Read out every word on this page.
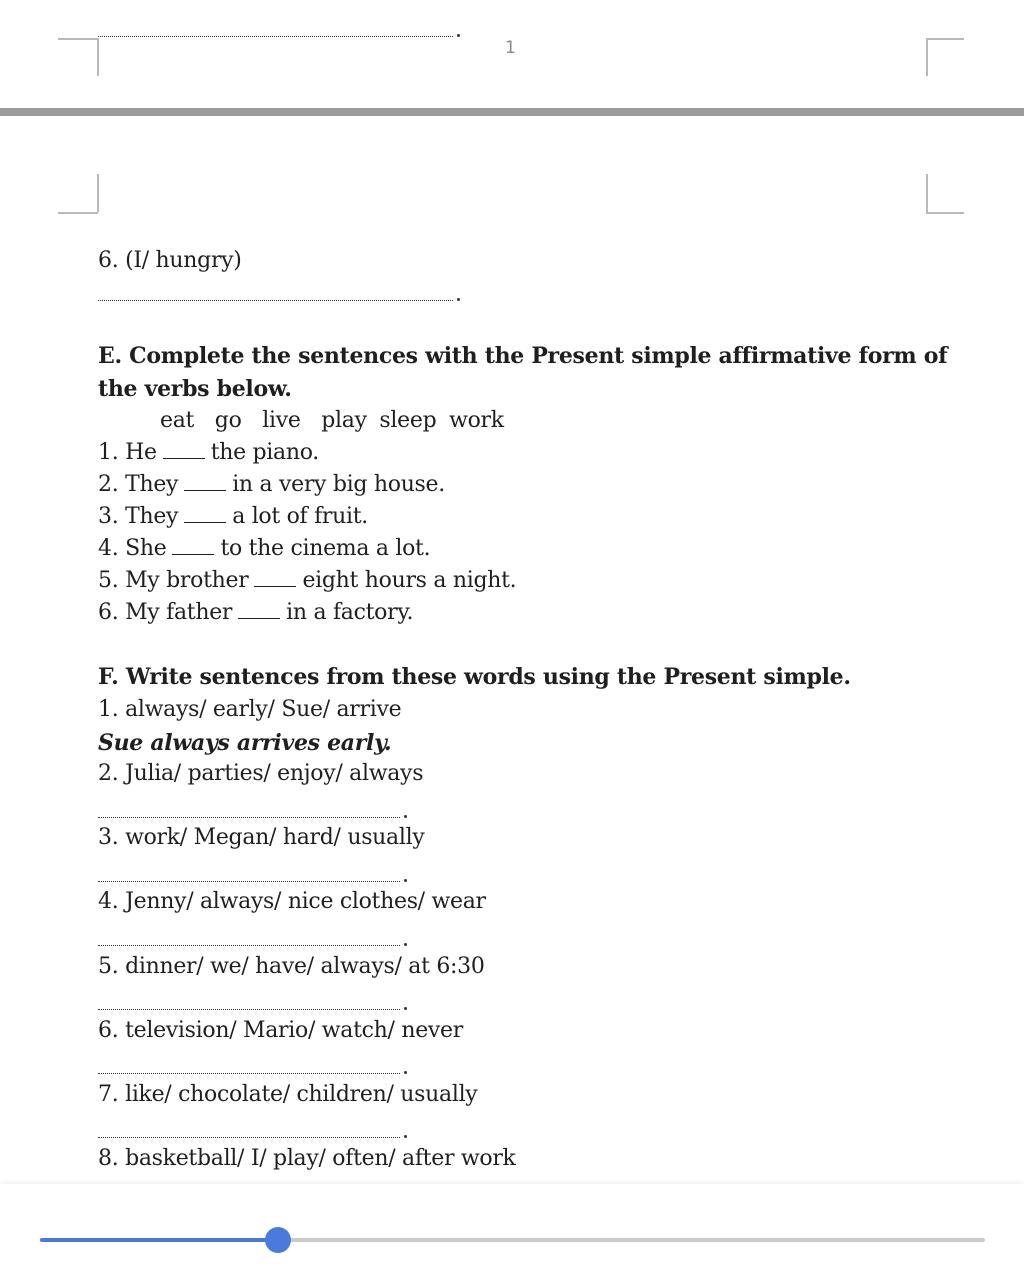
1
6. (I/ hungry)
E. Complete the sentences with the Present simple affirmative form of
the verbs below.
eat go live play sleep work
1. He the piano.
2. They in a very big house.
3. They a lot of fruit.
4. She to the cinema a lot.
5. My brother eight hours a night.
6. My father in a factory.
F. Write sentences from these words using the Present simple.
1. always/ early/ Sue/ arrive
Sue always arrives early.
2. Julia/ parties/ enjoy/ always
3. work/ Megan/ hard/ usually
4. Jenny/ always/ nice clothes/ wear
5. dinner/ we/ have/ always/ at 6:30
6. television/ Mario/ watch/ never
7. like/ chocolate/ children/ usually
8. basketball/ I/ play/ often/ after work
